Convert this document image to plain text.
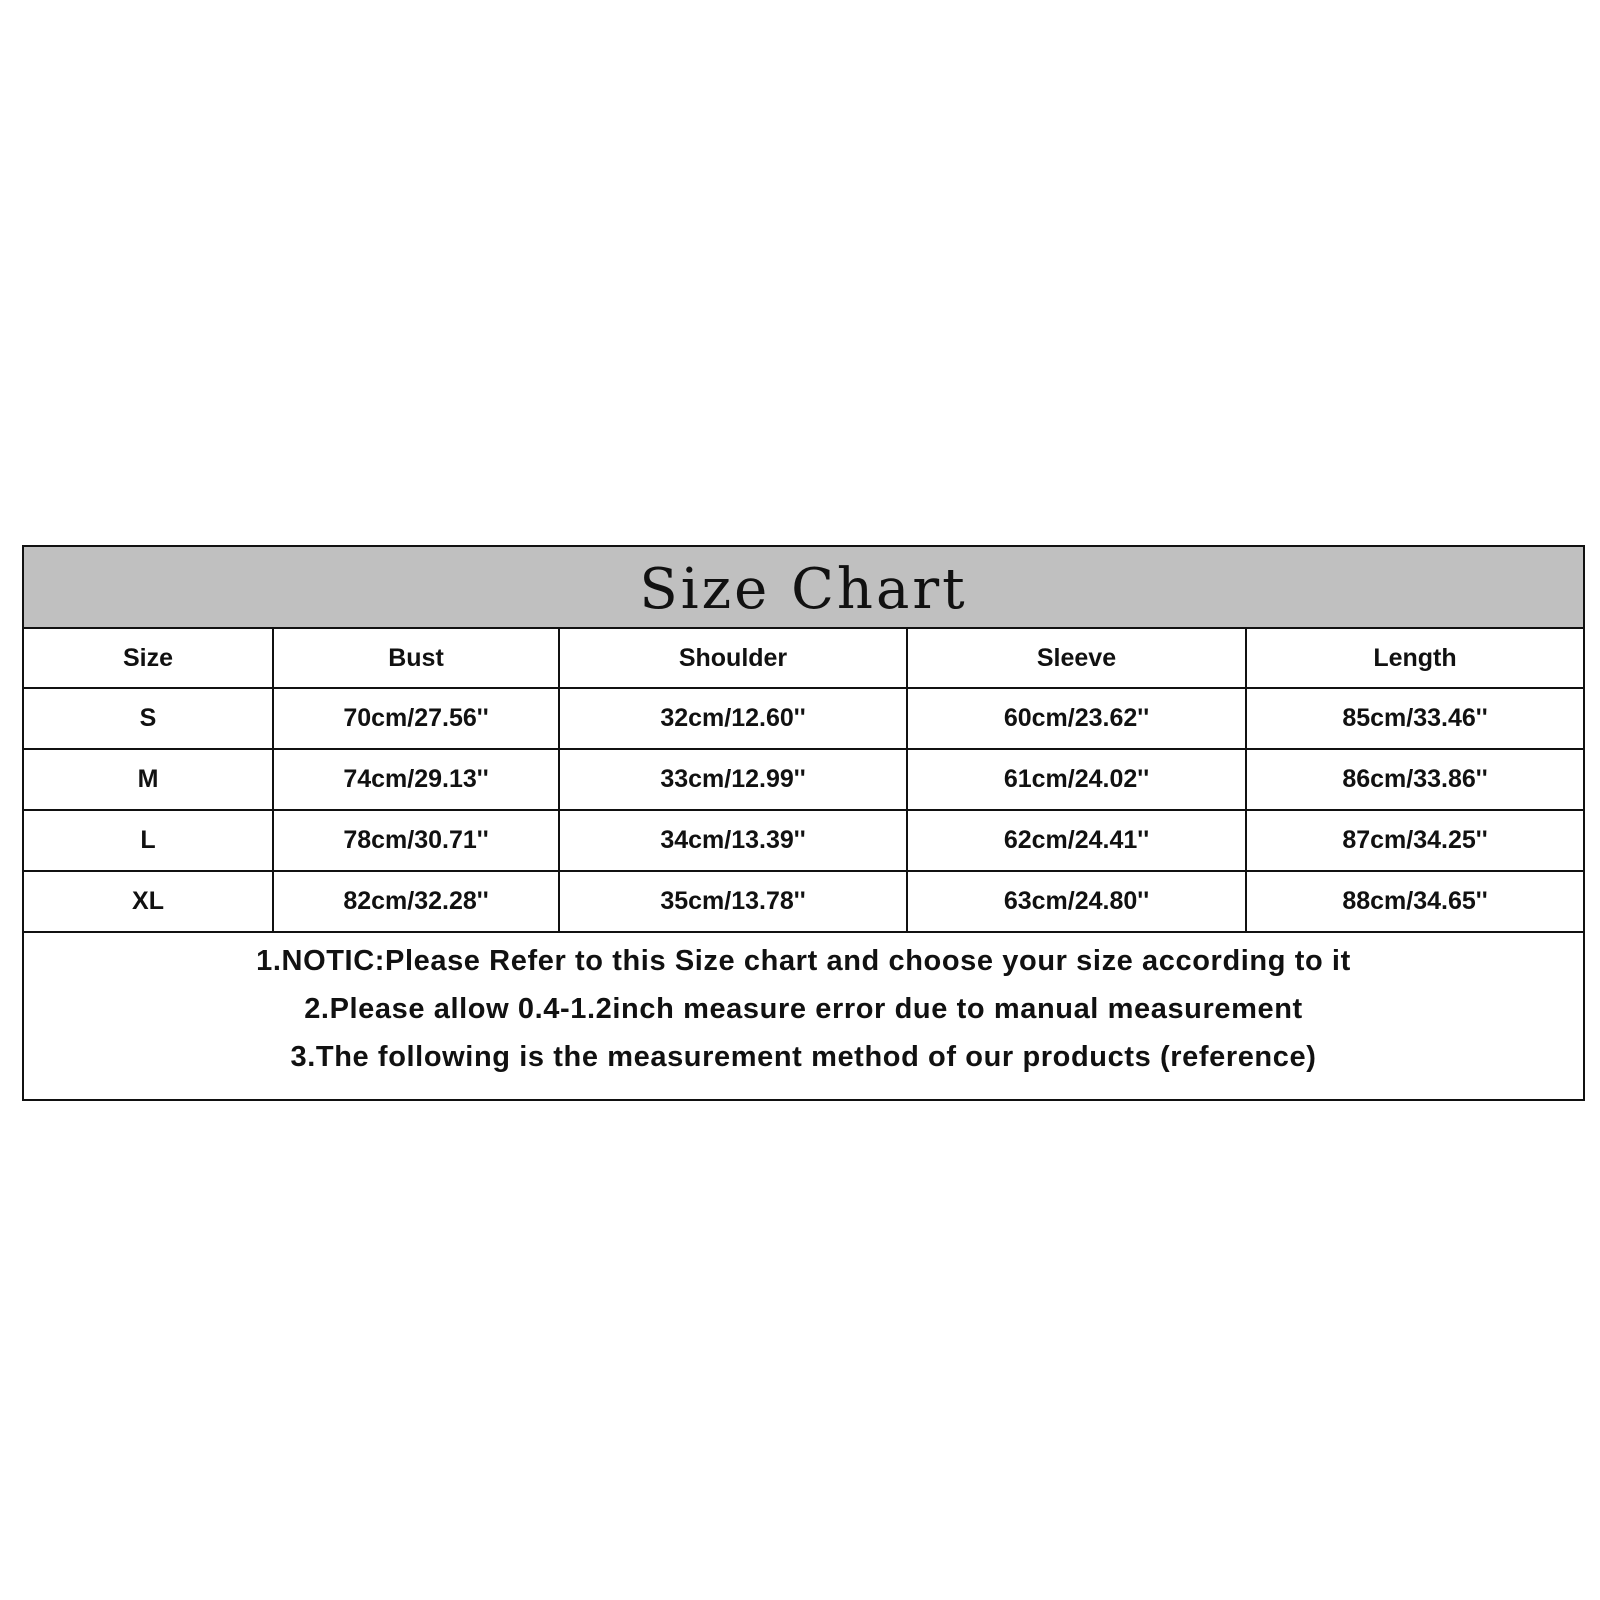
Size Chart
Size	Bust	Shoulder	Sleeve	Length
S	70cm/27.56''	32cm/12.60''	60cm/23.62''	85cm/33.46''
M	74cm/29.13''	33cm/12.99''	61cm/24.02''	86cm/33.86''
L	78cm/30.71''	34cm/13.39''	62cm/24.41''	87cm/34.25''
XL	82cm/32.28''	35cm/13.78''	63cm/24.80''	88cm/34.65''
1.NOTIC:Please Refer to this Size chart and choose your size according to it
2.Please allow 0.4-1.2inch measure error due to manual measurement
3.The following is the measurement method of our products (reference)
